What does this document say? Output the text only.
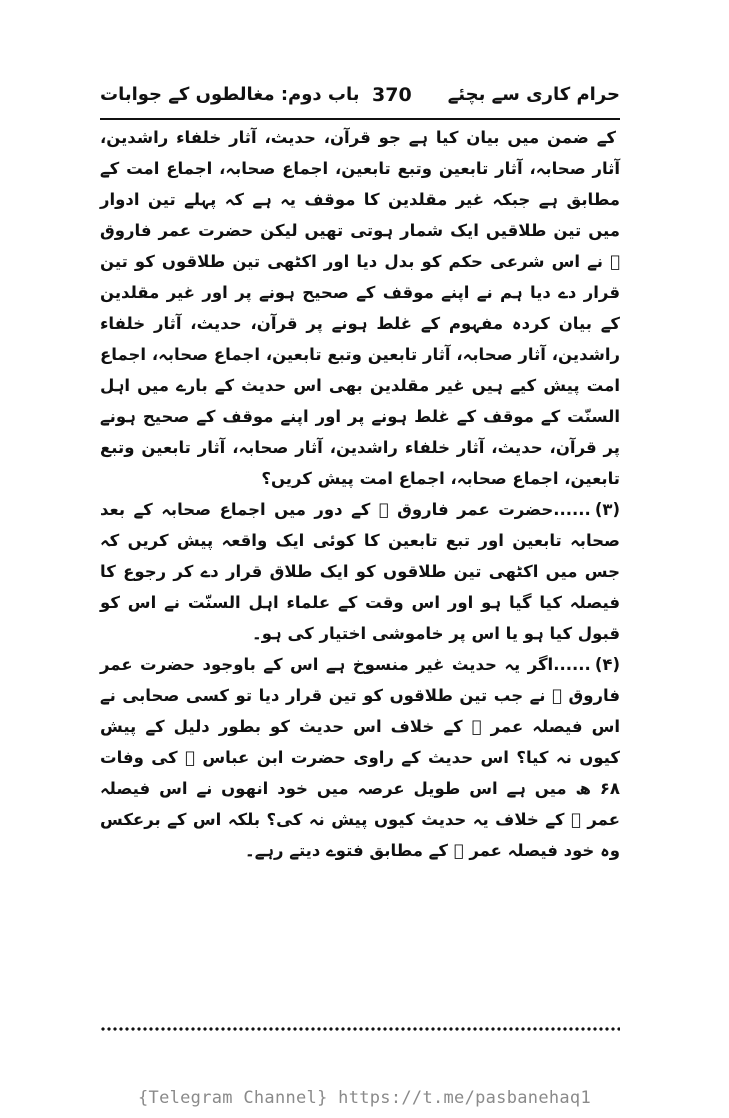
حرام کاری سے بچئے
370
باب دوم: مغالطوں کے جوابات

کے ضمن میں بیان کیا ہے جو قرآن، حدیث، آثار خلفاء راشدین، آثار صحابہ، آثار تابعین وتبع تابعین، اجماع صحابہ، اجماع امت کے مطابق ہے جبکہ غیر مقلدین کا موقف یہ ہے کہ پہلے تین ادوار میں تین طلاقیں ایک شمار ہوتی تھیں لیکن حضرت عمر فاروق ﷛ نے اس شرعی حکم کو بدل دیا اور اکٹھی تین طلاقوں کو تین قرار دے دیا ہم نے اپنے موقف کے صحیح ہونے پر اور غیر مقلدین کے بیان کردہ مفہوم کے غلط ہونے پر قرآن، حدیث، آثار خلفاء راشدین، آثار صحابہ، آثار تابعین وتبع تابعین، اجماع صحابہ، اجماع امت پیش کیے ہیں غیر مقلدین بھی اس حدیث کے بارے میں اہل السنّت کے موقف کے غلط ہونے پر اور اپنے موقف کے صحیح ہونے پر قرآن، حدیث، آثار خلفاء راشدین، آثار صحابہ، آثار تابعین وتبع تابعین، اجماع صحابہ، اجماع امت پیش کریں؟

(۳)......حضرت عمر فاروق ﷛ کے دور میں اجماع صحابہ کے بعد صحابہ تابعین اور تبع تابعین کا کوئی ایک واقعہ پیش کریں کہ جس میں اکٹھی تین طلاقوں کو ایک طلاق قرار دے کر رجوع کا فیصلہ کیا گیا ہو اور اس وقت کے علماء اہل السنّت نے اس کو قبول کیا ہو یا اس پر خاموشی اختیار کی ہو۔

(۴)......اگر یہ حدیث غیر منسوخ ہے اس کے باوجود حضرت عمر فاروق ﷛ نے جب تین طلاقوں کو تین قرار دیا تو کسی صحابی نے اس فیصلہ عمر ﷛ کے خلاف اس حدیث کو بطور دلیل کے پیش کیوں نہ کیا؟ اس حدیث کے راوی حضرت ابن عباس ﷛ کی وفات ۶۸ ھ میں ہے اس طویل عرصہ میں خود انھوں نے اس فیصلہ عمر ﷛ کے خلاف یہ حدیث کیوں پیش نہ کی؟ بلکہ اس کے برعکس وہ خود فیصلہ عمر ﷛ کے مطابق فتوے دیتے رہے۔

{Telegram Channel} https://t.me/pasbanehaq1
